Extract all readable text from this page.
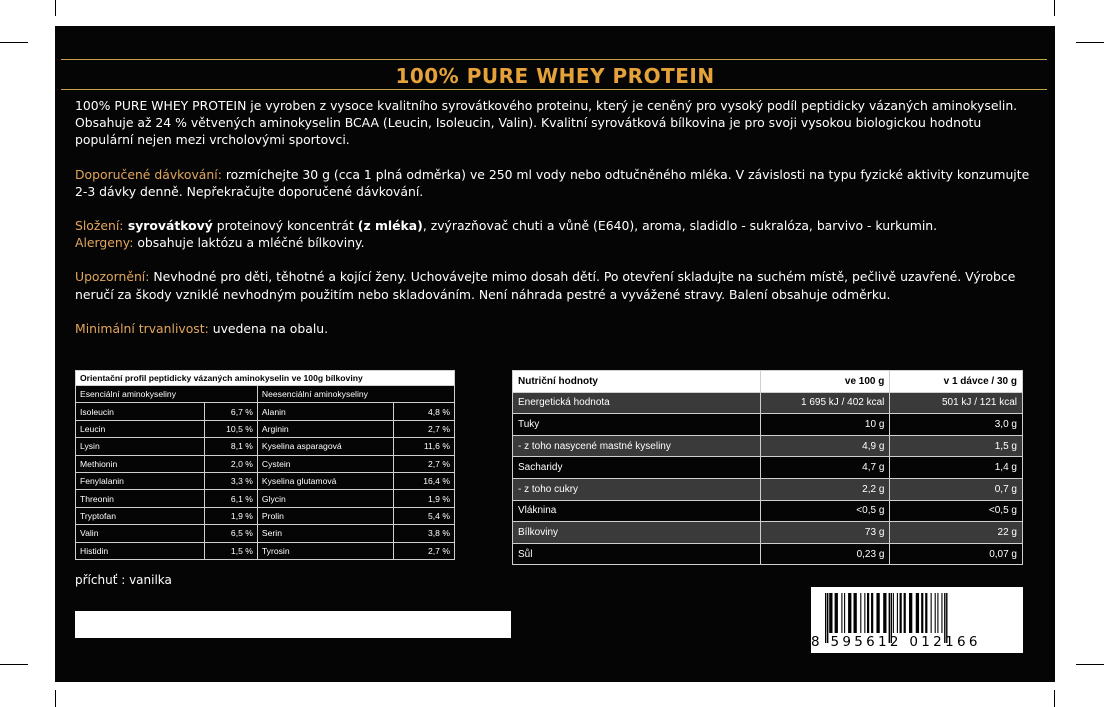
100% PURE WHEY PROTEIN

100% PURE WHEY PROTEIN je vyroben z vysoce kvalitního syrovátkového proteinu, který je ceněný pro vysoký podíl peptidicky vázaných aminokyselin. Obsahuje až 24 % větvených aminokyselin BCAA (Leucin, Isoleucin, Valin). Kvalitní syrovátková bílkovina je pro svoji vysokou biologickou hodnotu populární nejen mezi vrcholovými sportovci.

Doporučené dávkování: rozmíchejte 30 g (cca 1 plná odměrka) ve 250 ml vody nebo odtučněného mléka. V závislosti na typu fyzické aktivity konzumujte 2-3 dávky denně. Nepřekračujte doporučené dávkování.

Složení: syrovátkový proteinový koncentrát (z mléka), zvýrazňovač chuti a vůně (E640), aroma, sladidlo - sukralóza, barvivo - kurkumin.

Alergeny: obsahuje laktózu a mléčné bílkoviny.

Upozornění: Nevhodné pro děti, těhotné a kojící ženy. Uchovávejte mimo dosah dětí. Po otevření skladujte na suchém místě, pečlivě uzavřené. Výrobce neručí za škody vzniklé nevhodným použitím nebo skladováním. Není náhrada pestré a vyvážené stravy. Balení obsahuje odměrku.

Minimální trvanlivost: uvedena na obalu.

Orientační profil peptidicky vázaných aminokyselin ve 100g bílkoviny			
Esenciální aminokyseliny		Neesenciální aminokyseliny	
Isoleucin	6,7 %	Alanin	4,8 %
Leucin	10,5 %	Arginin	2,7 %
Lysin	8,1 %	Kyselina asparagová	11,6 %
Methionin	2,0 %	Cystein	2,7 %
Fenylalanin	3,3 %	Kyselina glutamová	16,4 %
Threonin	6,1 %	Glycin	1,9 %
Tryptofan	1,9 %	Prolin	5,4 %
Valin	6,5 %	Serin	3,8 %
Histidin	1,5 %	Tyrosin	2,7 %
příchuť : vanilka
Nutriční hodnoty	ve 100 g	v 1 dávce / 30 g
Energetická hodnota	1 695 kJ / 402 kcal	501 kJ / 121 kcal
Tuky	10 g	3,0 g
- z toho nasycené mastné kyseliny	4,9 g	1,5 g
Sacharidy	4,7 g	1,4 g
- z toho cukry	2,2 g	0,7 g
Vláknina	<0,5 g	<0,5 g
Bílkoviny	73 g	22 g
Sůl	0,23 g	0,07 g
8 595612 012166
